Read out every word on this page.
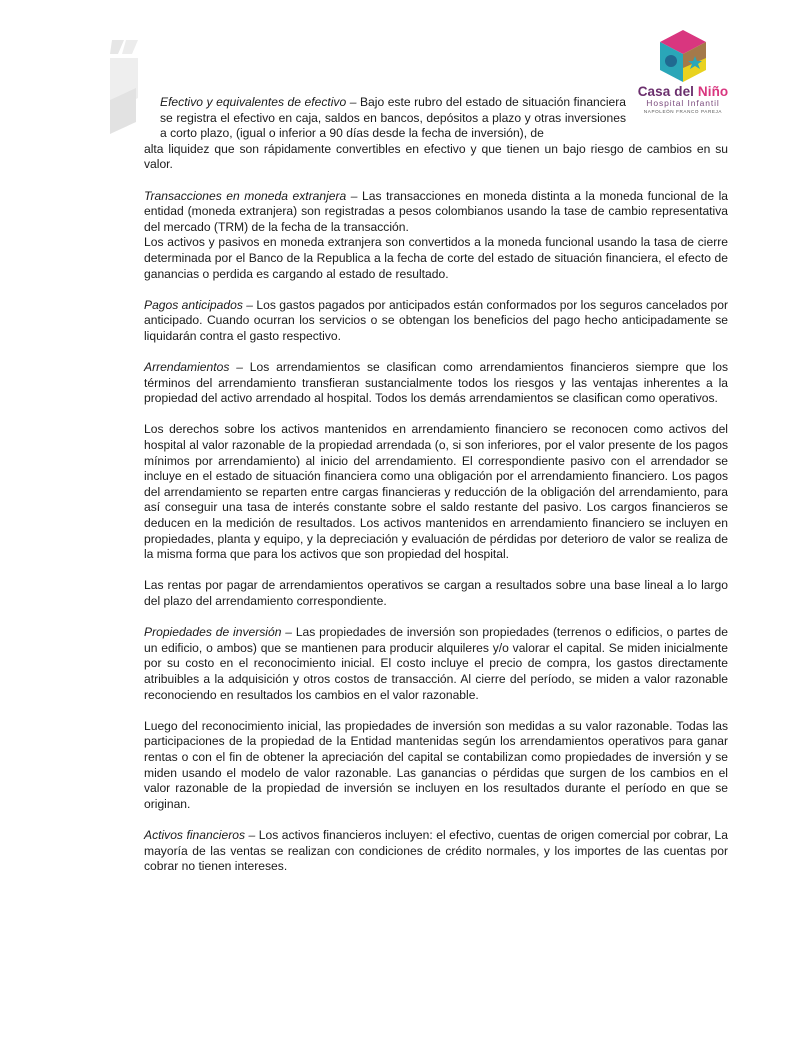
Casa del Niño
Hospital Infantil
NAPOLEÓN FRANCO PAREJA
Efectivo y equivalentes de efectivo – Bajo este rubro del estado de situación financiera se registra el efectivo en caja, saldos en bancos, depósitos a plazo y otras inversiones a corto plazo, (igual o inferior a 90 días desde la fecha de inversión), de
alta liquidez que son rápidamente convertibles en efectivo y que tienen un bajo riesgo de cambios en su valor.
Transacciones en moneda extranjera – Las transacciones en moneda distinta a la moneda funcional de la entidad (moneda extranjera) son registradas a pesos colombianos usando la tase de cambio representativa del mercado (TRM) de la fecha de la transacción.
Los activos y pasivos en moneda extranjera son convertidos a la moneda funcional usando la tasa de cierre determinada por el Banco de la Republica a la fecha de corte del estado de situación financiera, el efecto de ganancias o perdida es cargando al estado de resultado.
Pagos anticipados – Los gastos pagados por anticipados están conformados por los seguros cancelados por anticipado. Cuando ocurran los servicios o se obtengan los beneficios del pago hecho anticipadamente se liquidarán contra el gasto respectivo.
Arrendamientos – Los arrendamientos se clasifican como arrendamientos financieros siempre que los términos del arrendamiento transfieran sustancialmente todos los riesgos y las ventajas inherentes a la propiedad del activo arrendado al hospital. Todos los demás arrendamientos se clasifican como operativos.
Los derechos sobre los activos mantenidos en arrendamiento financiero se reconocen como activos del hospital al valor razonable de la propiedad arrendada (o, si son inferiores, por el valor presente de los pagos mínimos por arrendamiento) al inicio del arrendamiento. El correspondiente pasivo con el arrendador se incluye en el estado de situación financiera como una obligación por el arrendamiento financiero. Los pagos del arrendamiento se reparten entre cargas financieras y reducción de la obligación del arrendamiento, para así conseguir una tasa de interés constante sobre el saldo restante del pasivo. Los cargos financieros se deducen en la medición de resultados. Los activos mantenidos en arrendamiento financiero se incluyen en propiedades, planta y equipo, y la depreciación y evaluación de pérdidas por deterioro de valor se realiza de la misma forma que para los activos que son propiedad del hospital.
Las rentas por pagar de arrendamientos operativos se cargan a resultados sobre una base lineal a lo largo del plazo del arrendamiento correspondiente.
Propiedades de inversión – Las propiedades de inversión son propiedades (terrenos o edificios, o partes de un edificio, o ambos) que se mantienen para producir alquileres y/o valorar el capital. Se miden inicialmente por su costo en el reconocimiento inicial. El costo incluye el precio de compra, los gastos directamente atribuibles a la adquisición y otros costos de transacción. Al cierre del período, se miden a valor razonable reconociendo en resultados los cambios en el valor razonable.
Luego del reconocimiento inicial, las propiedades de inversión son medidas a su valor razonable. Todas las participaciones de la propiedad de la Entidad mantenidas según los arrendamientos operativos para ganar rentas o con el fin de obtener la apreciación del capital se contabilizan como propiedades de inversión y se miden usando el modelo de valor razonable. Las ganancias o pérdidas que surgen de los cambios en el valor razonable de la propiedad de inversión se incluyen en los resultados durante el período en que se originan.
Activos financieros – Los activos financieros incluyen: el efectivo, cuentas de origen comercial por cobrar, La mayoría de las ventas se realizan con condiciones de crédito normales, y los importes de las cuentas por cobrar no tienen intereses.
